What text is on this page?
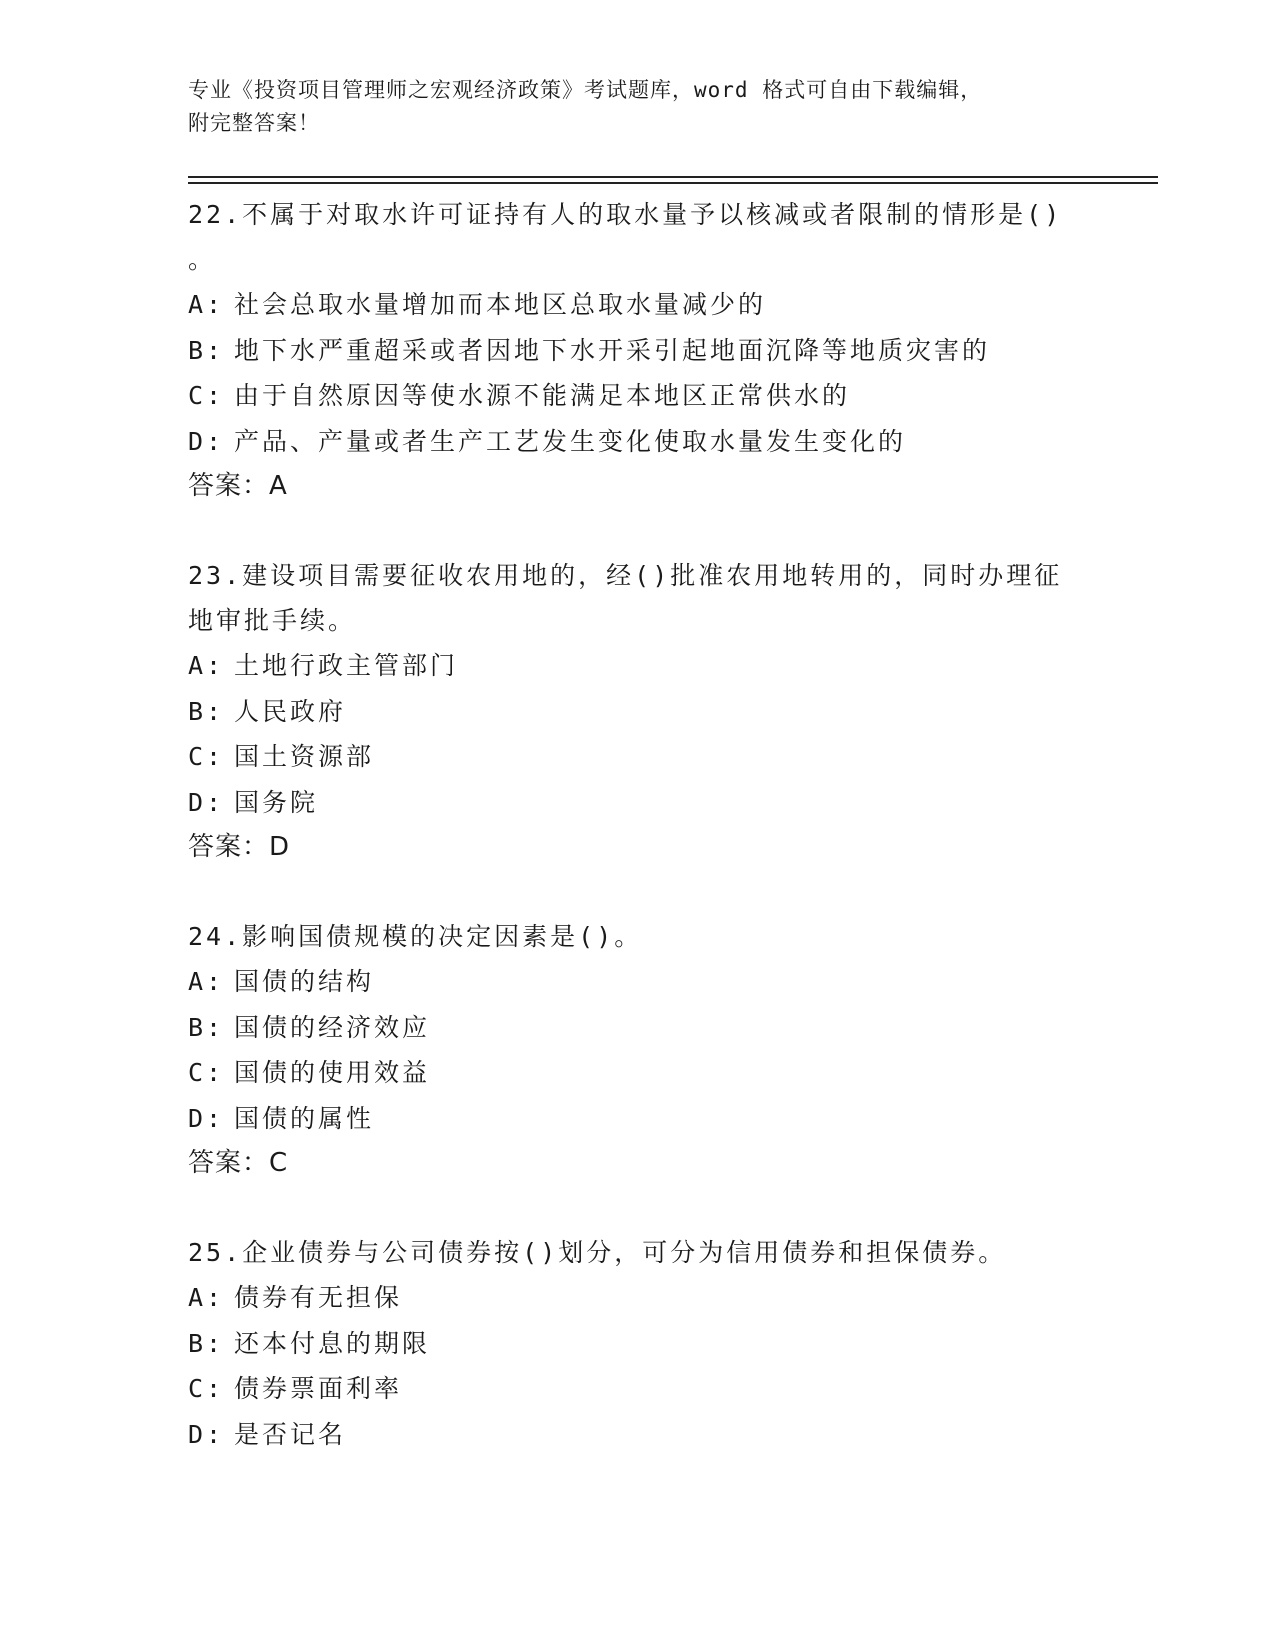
专业《投资项目管理师之宏观经济政策》考试题库，word 格式可自由下载编辑，
附完整答案！
22.不属于对取水许可证持有人的取水量予以核减或者限制的情形是()
。
A: 社会总取水量增加而本地区总取水量减少的
B: 地下水严重超采或者因地下水开采引起地面沉降等地质灾害的
C: 由于自然原因等使水源不能满足本地区正常供水的
D: 产品、产量或者生产工艺发生变化使取水量发生变化的
答案：A
23.建设项目需要征收农用地的，经()批准农用地转用的，同时办理征
地审批手续。
A: 土地行政主管部门
B: 人民政府
C: 国土资源部
D: 国务院
答案：D
24.影响国债规模的决定因素是()。
A: 国债的结构
B: 国债的经济效应
C: 国债的使用效益
D: 国债的属性
答案：C
25.企业债券与公司债券按()划分，可分为信用债券和担保债券。
A: 债券有无担保
B: 还本付息的期限
C: 债券票面利率
D: 是否记名
